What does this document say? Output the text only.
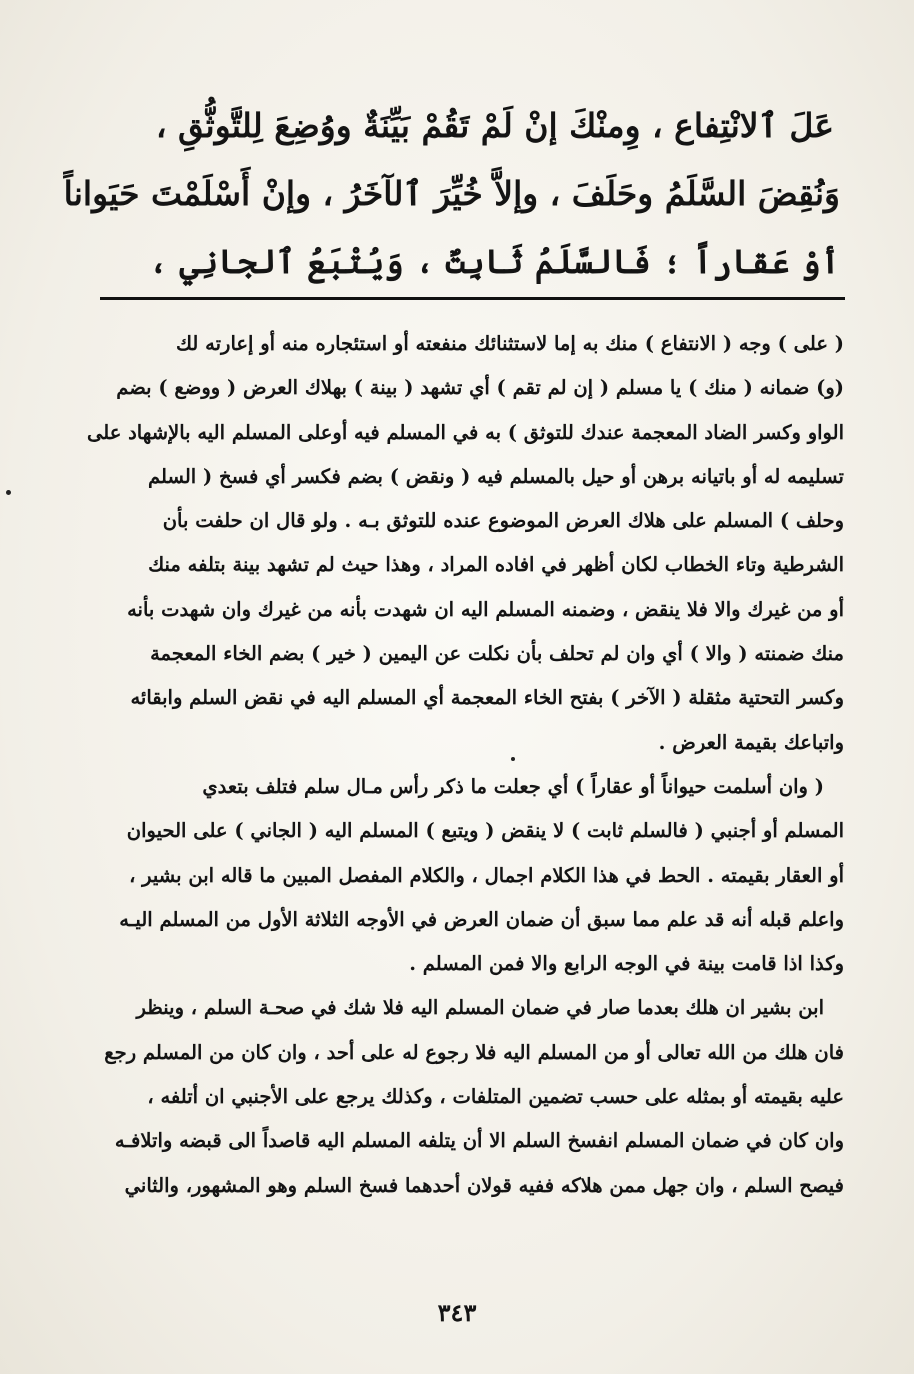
عَلَ ٱلانْتِفاع ، وِمنْكَ إنْ لَمْ تَقُمْ بَيِّنَةٌ ووُضِعَ لِلتَّوثُّقِ ،
وَنُقِضَ السَّلَمُ وحَلَفَ ، وإلاَّ خُيِّرَ ٱلآخَرُ ، وإنْ أَسْلَمْتَ حَيَواناً
أوْ عَقاراً ؛ فَالسَّلَمُ ثَابِتٌ ، وَيُتْبَعُ ٱلجانِي ،
( على ) وجه ( الانتفاع ) منك به إما لاستثنائك منفعته أو استئجاره منه أو إعارته لك
(و) ضمانه ( منك ) يا مسلم ( إن لم تقم ) أي تشهد ( بينة ) بهلاك العرض ( ووضع ) بضم
الواو وكسر الضاد المعجمة عندك للتوثق ) به في المسلم فيه أوعلى المسلم اليه بالإشهاد على
تسليمه له أو باتيانه برهن أو حيل بالمسلم فيه ( ونقض ) بضم فكسر أي فسخ ( السلم
وحلف ) المسلم على هلاك العرض الموضوع عنده للتوثق بـه . ولو قال ان حلفت بأن
الشرطية وتاء الخطاب لكان أظهر في افاده المراد ، وهذا حيث لم تشهد بينة بتلفه منك
أو من غيرك والا فلا ينقض ، وضمنه المسلم اليه ان شهدت بأنه من غيرك وان شهدت بأنه
منك ضمنته ( والا ) أي وان لم تحلف بأن نكلت عن اليمين ( خير ) بضم الخاء المعجمة
وكسر التحتية مثقلة ( الآخر ) بفتح الخاء المعجمة أي المسلم اليه في نقض السلم وابقائه
واتباعك بقيمة العرض .
( وان أسلمت حيواناً أو عقاراً ) أي جعلت ما ذكر رأس مـال سلم فتلف بتعدي
المسلم أو أجنبي ( فالسلم ثابت ) لا ينقض ( ويتبع ) المسلم اليه ( الجاني ) على الحيوان
أو العقار بقيمته . الحط في هذا الكلام اجمال ، والكلام المفصل المبين ما قاله ابن بشير ،
واعلم قبله أنه قد علم مما سبق أن ضمان العرض في الأوجه الثلاثة الأول من المسلم اليـه
وكذا اذا قامت بينة في الوجه الرابع والا فمن المسلم .
ابن بشير ان هلك بعدما صار في ضمان المسلم اليه فلا شك في صحـة السلم ، وينظر
فان هلك من الله تعالى أو من المسلم اليه فلا رجوع له على أحد ، وان كان من المسلم رجع
عليه بقيمته أو بمثله على حسب تضمين المتلفات ، وكذلك يرجع على الأجنبي ان أتلفه ،
وان كان في ضمان المسلم انفسخ السلم الا أن يتلفه المسلم اليه قاصداً الى قبضه واتلافـه
فيصح السلم ، وان جهل ممن هلاكه ففيه قولان أحدهما فسخ السلم وهو المشهور، والثاني
٣٤٣
